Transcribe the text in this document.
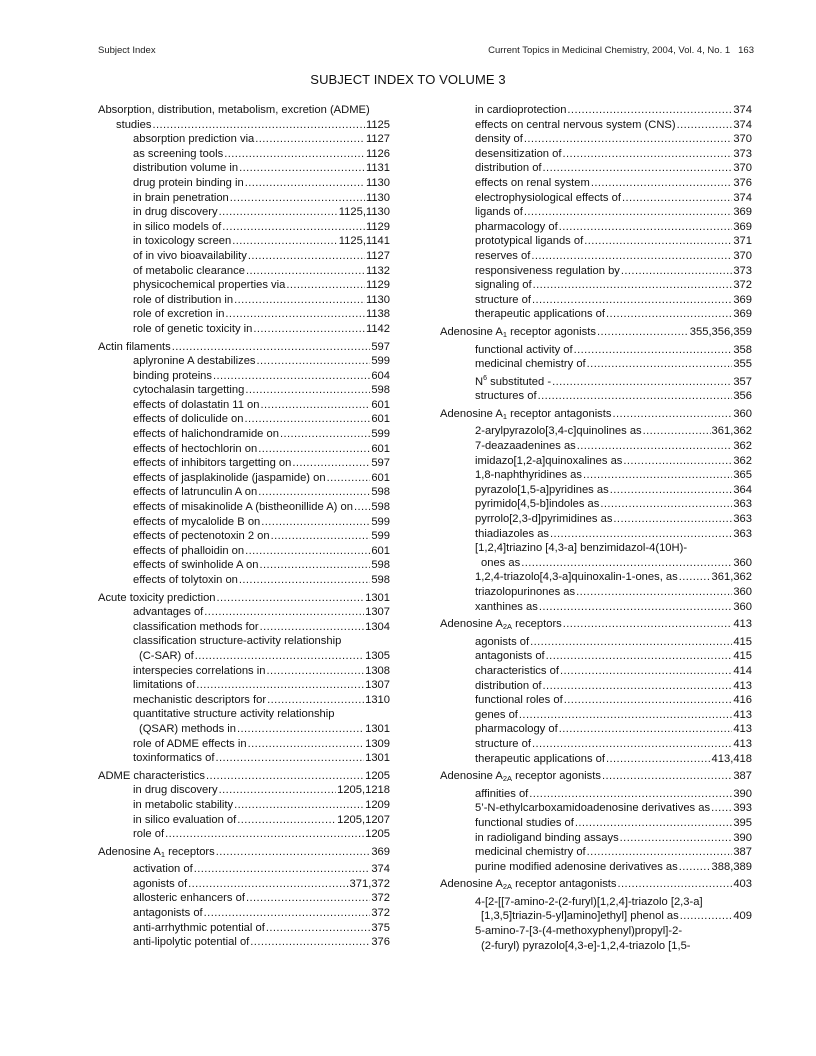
Subject Index	Current Topics in Medicinal Chemistry, 2004, Vol. 4, No. 1 163
SUBJECT INDEX TO VOLUME 3
Absorption, distribution, metabolism, excretion (ADME)
studies .....	1125
absorption prediction via .....	1127
as screening tools .....	1126
distribution volume in .....	1131
drug protein binding in .....	1130
in brain penetration .....	1130
in drug discovery .....	1125,1130
in silico models of .....	1129
in toxicology screen .....	1125,1141
of in vivo bioavailability .....	1127
of metabolic clearance .....	1132
physicochemical properties via .....	1129
role of distribution in .....	1130
role of excretion in .....	1138
role of genetic toxicity in .....	1142
Actin filaments .....	597
aplyronine A destabilizes .....	599
binding proteins .....	604
cytochalasin targetting .....	598
effects of dolastatin 11 on .....	601
effects of doliculide on .....	601
effects of halichondramide on .....	599
effects of hectochlorin on .....	601
effects of inhibitors targetting on .....	597
effects of jasplakinolide (jaspamide) on .....	601
effects of latrunculin A on .....	598
effects of misakinolide A (bistheonillide A) on ..... 598
effects of mycalolide B on .....	599
effects of pectenotoxin 2 on .....	599
effects of phalloidin on .....	601
effects of swinholide A on .....	598
effects of tolytoxin on .....	598
Acute toxicity prediction .....	1301
advantages of .....	1307
classification methods for .....	1304
classification structure-activity relationship
(C-SAR) of .....	1305
interspecies correlations in .....	1308
limitations of .....	1307
mechanistic descriptors for .....	1310
quantitative structure activity relationship
(QSAR) methods in .....	1301
role of ADME effects in .....	1309
toxinformatics of .....	1301
ADME characteristics .....	1205
in drug discovery .....	1205,1218
in metabolic stability .....	1209
in silico evaluation of .....	1205,1207
role of .....	1205
Adenosine $A_1$ receptors .....	369
activation of .....	374
agonists of .....	371,372
allosteric enhancers of .....	372
antagonists of .....	372
anti-arrhythmic potential of .....	375
anti-lipolytic potential of .....	376
in cardioprotection .....	374
effects on central nervous system (CNS) .....	374
density of .....	370
desensitization of .....	373
distribution of .....	370
effects on renal system .....	376
electrophysiological effects of .....	374
ligands of .....	369
pharmacology of .....	369
prototypical ligands of .....	371
reserves of .....	370
responsiveness regulation by .....	373
signaling of .....	372
structure of .....	369
therapeutic applications of .....	369
Adenosine $A_1$ receptor agonists .....	355,356,359
functional activity of .....	358
medicinal chemistry of .....	355
$N^6$ substituted - .....	357
structures of .....	356
Adenosine $A_1$ receptor antagonists .....	360
2-arylpyrazolo[3,4-c]quinolines as .....	361,362
7-deazaadenines as .....	362
imidazo[1,2-a]quinoxalines as .....	362
1,8-naphthyridines as .....	365
pyrazolo[1,5-a]pyridines as .....	364
pyrimido[4,5-b]indoles as .....	363
pyrrolo[2,3-d]pyrimidines as .....	363
thiadiazoles as .....	363
[1,2,4]triazino [4,3-a] benzimidazol-4(10H)-
ones as .....	360
1,2,4-triazolo[4,3-a]quinoxalin-1-ones, as .....	361,362
triazolopurinones as .....	360
xanthines as .....	360
Adenosine $A_{2A}$ receptors .....	413
agonists of .....	415
antagonists of .....	415
characteristics of .....	414
distribution of .....	413
functional roles of .....	416
genes of .....	413
pharmacology of .....	413
structure of .....	413
therapeutic applications of .....	413,418
Adenosine $A_{2A}$ receptor agonists .....	387
affinities of .....	390
5’-N-ethylcarboxamidoadenosine derivatives as ..... 393
functional studies of .....	395
in radioligand binding assays .....	390
medicinal chemistry of .....	387
purine modified adenosine derivatives as .....	388,389
Adenosine $A_{2A}$ receptor antagonists .....	403
4-[2-[[7-amino-2-(2-furyl)[1,2,4]-triazolo [2,3-a]
[1,3,5]triazin-5-yl]amino]ethyl] phenol as .....	409
5-amino-7-[3-(4-methoxyphenyl)propyl]-2-
(2-furyl) pyrazolo[4,3-e]-1,2,4-triazolo [1,5-
